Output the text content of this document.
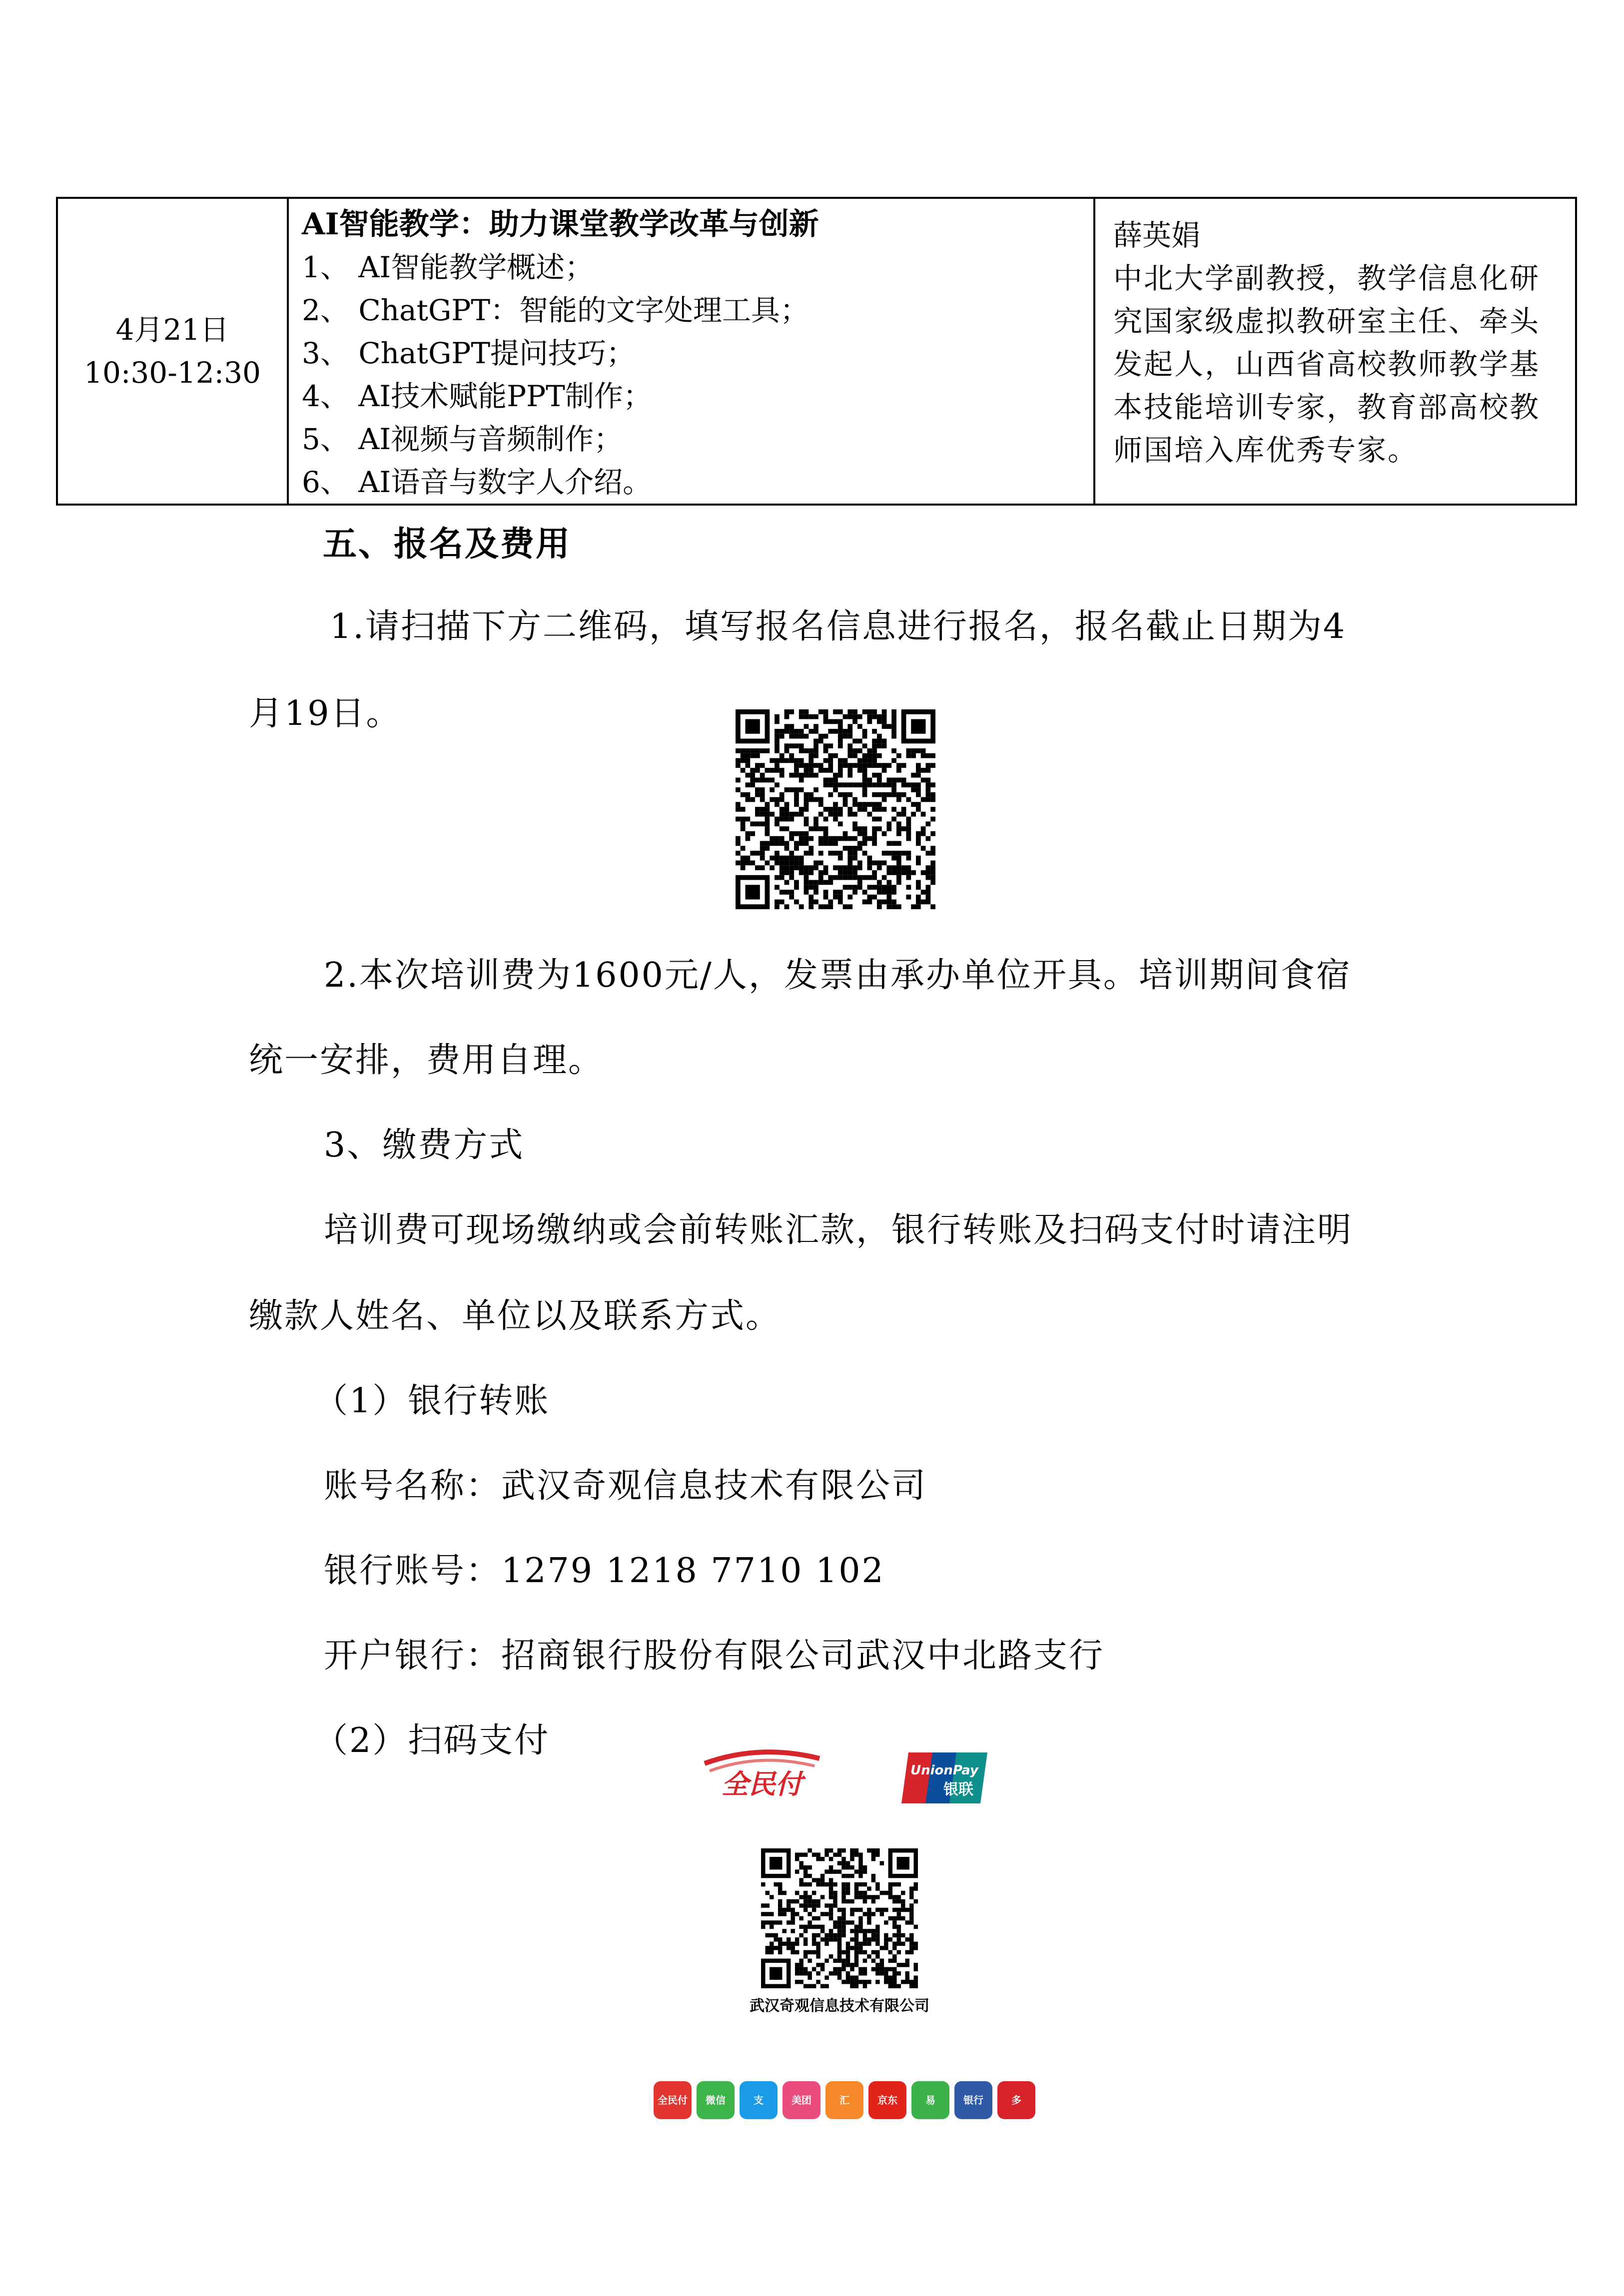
4月21日
10:30-12:30

AI智能教学：助力课堂教学改革与创新
1、 AI智能教学概述；
2、 ChatGPT：智能的文字处理工具；
3、 ChatGPT提问技巧；
4、 AI技术赋能PPT制作；
5、 AI视频与音频制作；
6、 AI语音与数字人介绍。

薛英娟
中北大学副教授，教学信息化研究国家级虚拟教研室主任、牵头发起人，山西省高校教师教学基本技能培训专家，教育部高校教师国培入库优秀专家。
五、报名及费用
1.请扫描下方二维码，填写报名信息进行报名，报名截止日期为4
月19日。
2.本次培训费为1600元/人，发票由承办单位开具。培训期间食宿
统一安排，费用自理。
3、缴费方式
培训费可现场缴纳或会前转账汇款，银行转账及扫码支付时请注明
缴款人姓名、单位以及联系方式。
（1）银行转账
账号名称：武汉奇观信息技术有限公司
银行账号：1279 1218 7710 102
开户银行：招商银行股份有限公司武汉中北路支行
（2）扫码支付
全民付	UnionPay
银联
武汉奇观信息技术有限公司
全民付	微信	支	美团	汇	京东	易	银行	多
